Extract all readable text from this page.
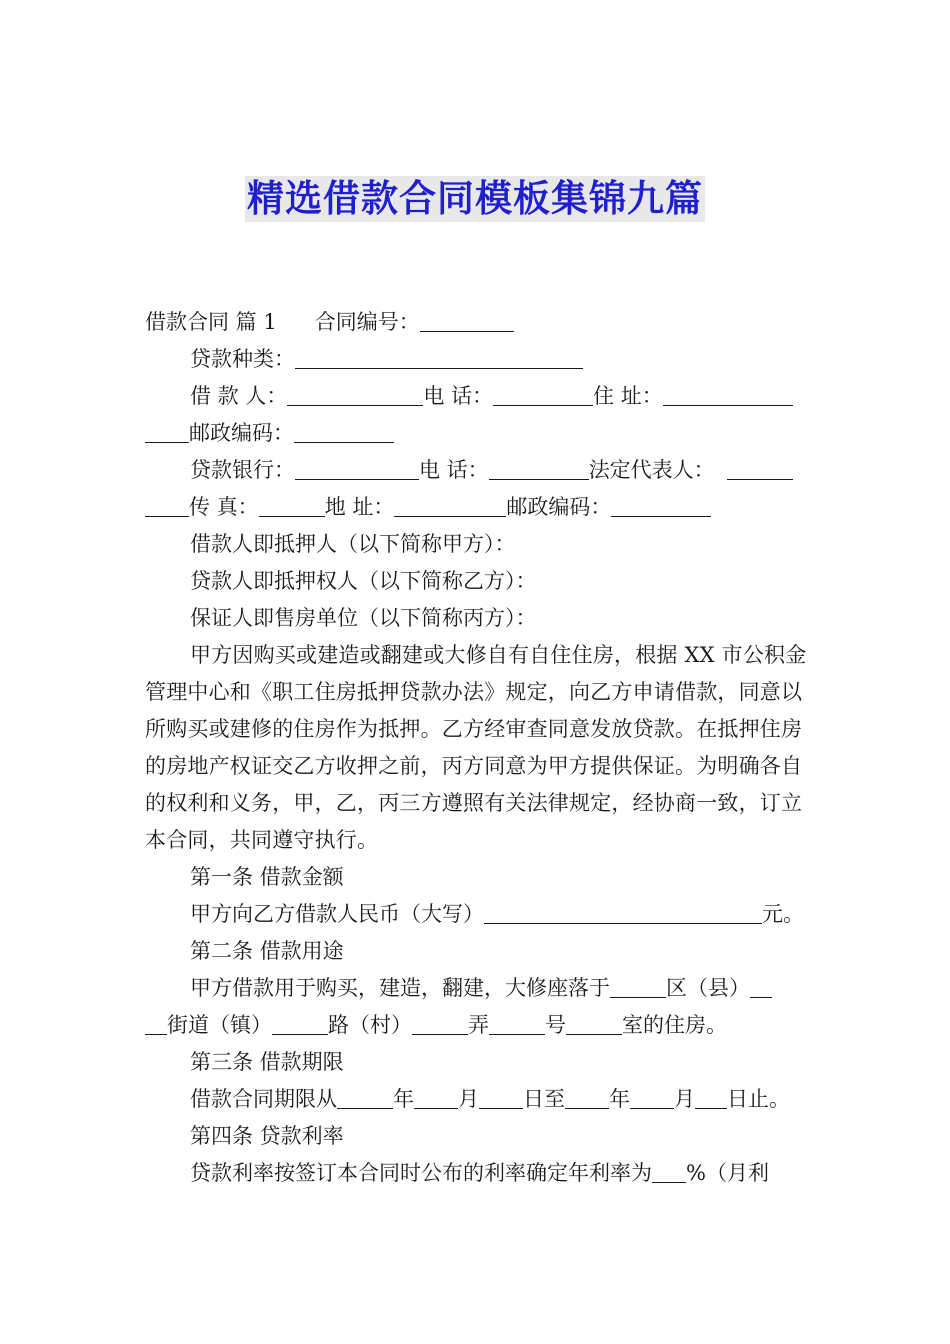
精选借款合同模板集锦九篇
借款合同 篇 1 合同编号：
贷款种类：
借 款 人：	电 话：	住 址：
邮政编码：
贷款银行：	电 话：	法定代表人：
传 真：	地 址：	邮政编码：
借款人即抵押人（以下简称甲方）：
贷款人即抵押权人（以下简称乙方）：
保证人即售房单位（以下简称丙方）：
甲方因购买或建造或翻建或大修自有自住住房，根据 XX 市公积金管理中心和《职工住房抵押贷款办法》规定，向乙方申请借款，同意以所购买或建修的住房作为抵押。乙方经审查同意发放贷款。在抵押住房的房地产权证交乙方收押之前，丙方同意为甲方提供保证。为明确各自的权利和义务，甲，乙，丙三方遵照有关法律规定，经协商一致，订立本合同，共同遵守执行。
第一条 借款金额
甲方向乙方借款人民币（大写）	元。
第二条 借款用途
甲方借款用于购买，建造，翻建，大修座落于	区（县）
街道（镇）	路（村）	弄	号	室的住房。
第三条 借款期限
借款合同期限从	年 月 日至 年 月 日止。
第四条 贷款利率
贷款利率按签订本合同时公布的利率确定年利率为 %（月利
